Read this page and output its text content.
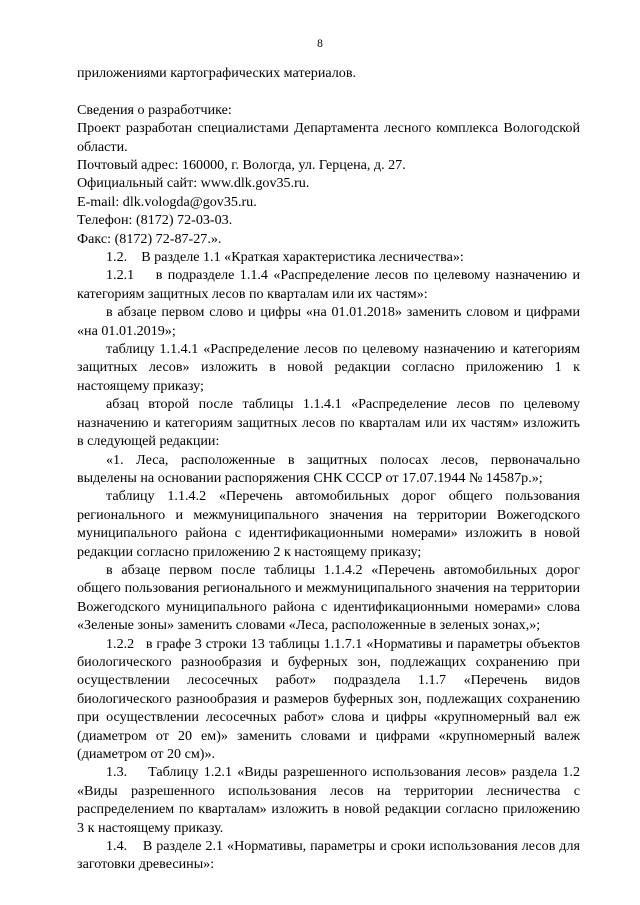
8

приложениями картографических материалов.

Сведения о разработчике:

Проект разработан специалистами Департамента лесного комплекса Вологодской области.

Почтовый адрес: 160000, г. Вологда, ул. Герцена, д. 27.

Официальный сайт: www.dlk.gov35.ru.

E-mail: dlk.vologda@gov35.ru.

Телефон: (8172) 72-03-03.

Факс: (8172) 72-87-27.».

1.2.    В разделе 1.1 «Краткая характеристика лесничества»:

1.2.1    в подразделе 1.1.4 «Распределение лесов по целевому назначению и категориям защитных лесов по кварталам или их частям»:

в абзаце первом слово и цифры «на 01.01.2018» заменить словом и цифрами «на 01.01.2019»;

таблицу 1.1.4.1 «Распределение лесов по целевому назначению и категориям защитных лесов» изложить в новой редакции согласно приложению 1 к настоящему приказу;

абзац второй после таблицы 1.1.4.1 «Распределение лесов по целевому назначению и категориям защитных лесов по кварталам или их частям» изложить в следующей редакции:

«1. Леса, расположенные в защитных полосах лесов, первоначально выделены на основании распоряжения СНК СССР от 17.07.1944 № 14587р.»;

таблицу 1.1.4.2 «Перечень автомобильных дорог общего пользования регионального и межмуниципального значения на территории Вожегодского муниципального района с идентификационными номерами» изложить в новой редакции согласно приложению 2 к настоящему приказу;

в абзаце первом после таблицы 1.1.4.2 «Перечень автомобильных дорог общего пользования регионального и межмуниципального значения на территории Вожегодского муниципального района с идентификационными номерами» слова «Зеленые зоны» заменить словами «Леса, расположенные в зеленых зонах,»;

1.2.2   в графе 3 строки 13 таблицы 1.1.7.1 «Нормативы и параметры объектов биологического разнообразия и буферных зон, подлежащих сохранению при осуществлении лесосечных работ» подраздела 1.1.7 «Перечень видов биологического разнообразия и размеров буферных зон, подлежащих сохранению при осуществлении лесосечных работ» слова и цифры «крупномерный вал еж (диаметром от 20 ем)» заменить словами и цифрами «крупномерный валеж (диаметром от 20 см)».

1.3.    Таблицу 1.2.1 «Виды разрешенного использования лесов» раздела 1.2 «Виды разрешенного использования лесов на территории лесничества с распределением по кварталам» изложить в новой редакции согласно приложению 3 к настоящему приказу.

1.4.    В разделе 2.1 «Нормативы, параметры и сроки использования лесов для заготовки древесины»:
